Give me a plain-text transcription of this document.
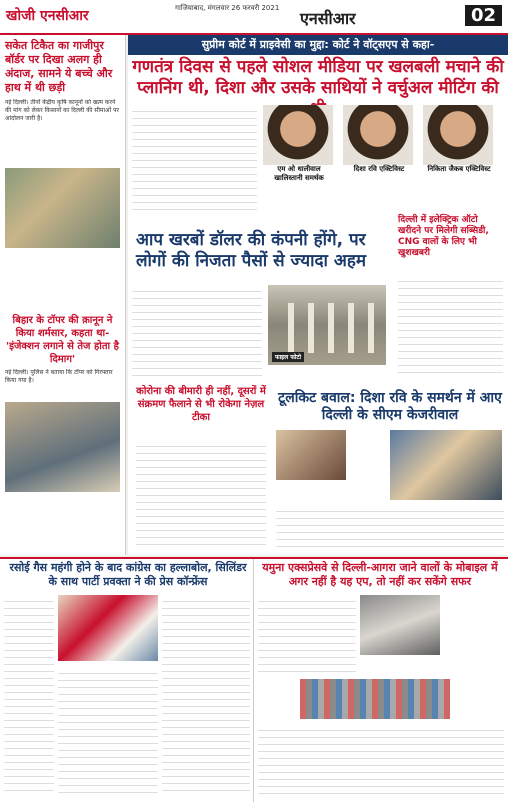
खोजी एनसीआर	गाजियाबाद, मंगलवार 26 फरवरी 2021
एनसीआर	02
सकेत टिकैत का गाजीपुर बॉर्डर पर दिखा अलग ही अंदाज, सामने ये बच्चे और हाथ में थी छड़ी
नई दिल्ली। तीनों केंद्रीय कृषि कानूनों को खत्म करने की मांग को लेकर किसानों का दिल्ली की सीमाओं पर आंदोलन जारी है।
बिहार के टॉपर की क़ानून ने किया शर्मसार, कहता था- 'इंजेक्शन लगाने से तेज होता है दिमाग'
नई दिल्ली। पुलिस ने बताया कि टॉपर को गिरफ्तार किया गया है।
सुप्रीम कोर्ट में प्राइवेसी का मुद्दा: कोर्ट ने वॉट्सएप से कहा-
गणतंत्र दिवस से पहले सोशल मीडिया पर खलबली मचाने की प्लानिंग थी, दिशा और उसके साथियों ने वर्चुअल मीटिंग की
एम ओ धालीवाल खालिस्तानी समर्थक
दिशा रवि एक्टिविस्ट	निकिता जैकब एक्टिविस्ट
आप खरबों डॉलर की कंपनी होंगे, पर लोगों की निजता पैसों से ज्यादा अहम
दिल्ली में इलेक्ट्रिक ऑटो खरीदने पर मिलेगी सब्सिडी, CNG वालों के लिए भी खुशखबरी
फाइल फोटो
कोरोना की बीमारी ही नहीं, दूसरों में संक्रमण फैलाने से भी रोकेगा नेज़ल टीका
टूलकिट बवाल: दिशा रवि के समर्थन में आए दिल्ली के सीएम केजरीवाल
रसोई गैस महंगी होने के बाद कांग्रेस का हल्लाबोल, सिलिंडर के साथ पार्टी प्रवक्ता ने की प्रेस कॉन्फ्रेंस
यमुना एक्सप्रेसवे से दिल्ली-आगरा जाने वालों के मोबाइल में अगर नहीं है यह एप, तो नहीं कर सकेंगे सफर
